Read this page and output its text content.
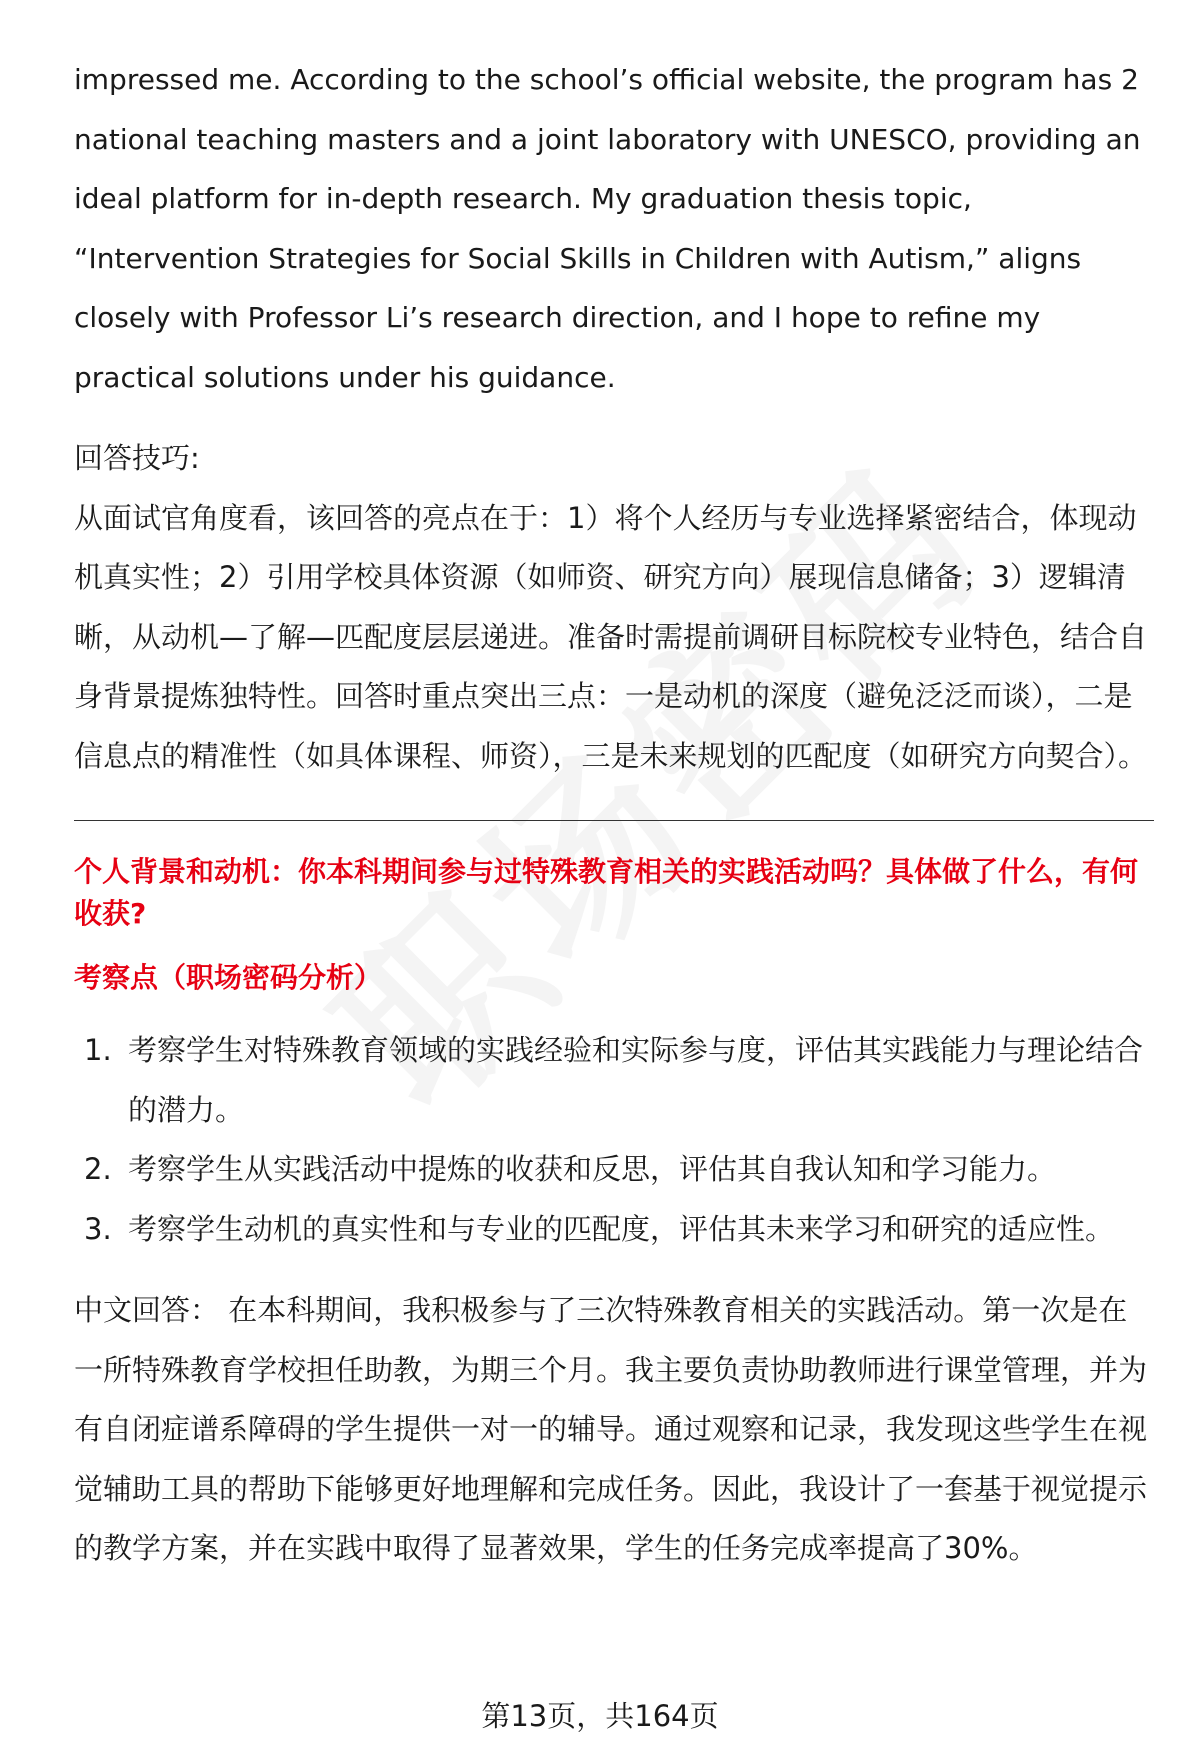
impressed me. According to the school’s official website, the program has 2 national teaching masters and a joint laboratory with UNESCO, providing an ideal platform for in-depth research. My graduation thesis topic, “Intervention Strategies for Social Skills in Children with Autism,” aligns closely with Professor Li’s research direction, and I hope to refine my practical solutions under his guidance.

回答技巧:

从面试官角度看，该回答的亮点在于：1）将个人经历与专业选择紧密结合，体现动机真实性；2）引用学校具体资源（如师资、研究方向）展现信息储备；3）逻辑清晰，从动机—了解—匹配度层层递进。准备时需提前调研目标院校专业特色，结合自身背景提炼独特性。回答时重点突出三点：一是动机的深度（避免泛泛而谈），二是信息点的精准性（如具体课程、师资），三是未来规划的匹配度（如研究方向契合）。

个人背景和动机：你本科期间参与过特殊教育相关的实践活动吗？具体做了什么，有何收获?
考察点（职场密码分析）
1. 考察学生对特殊教育领域的实践经验和实际参与度，评估其实践能力与理论结合的潜力。
2. 考察学生从实践活动中提炼的收获和反思，评估其自我认知和学习能力。
3. 考察学生动机的真实性和与专业的匹配度，评估其未来学习和研究的适应性。

中文回答： 在本科期间，我积极参与了三次特殊教育相关的实践活动。第一次是在一所特殊教育学校担任助教，为期三个月。我主要负责协助教师进行课堂管理，并为有自闭症谱系障碍的学生提供一对一的辅导。通过观察和记录，我发现这些学生在视觉辅助工具的帮助下能够更好地理解和完成任务。因此，我设计了一套基于视觉提示的教学方案，并在实践中取得了显著效果，学生的任务完成率提高了30%。

第13页，共164页
